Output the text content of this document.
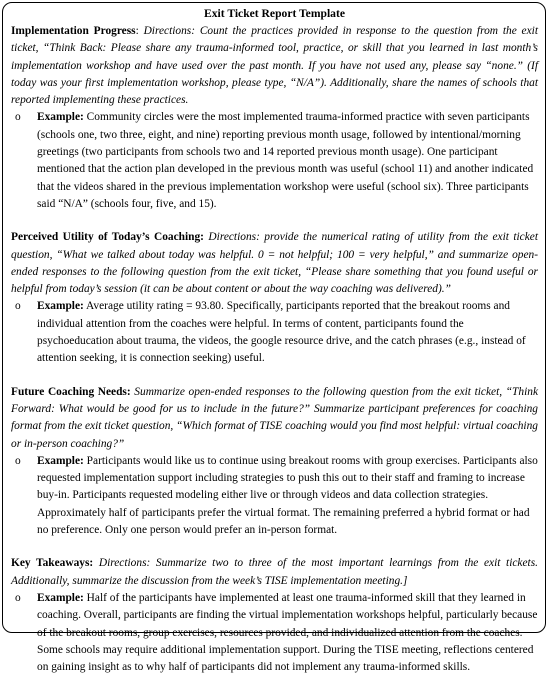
Exit Ticket Report Template
Implementation Progress: Directions: Count the practices provided in response to the question from the exit ticket, “Think Back: Please share any trauma-informed tool, practice, or skill that you learned in last month’s implementation workshop and have used over the past month. If you have not used any, please say “none.” (If today was your first implementation workshop, please type, “N/A”). Additionally, share the names of schools that reported implementing these practices.
o	Example: Community circles were the most implemented trauma-informed practice with seven participants (schools one, two three, eight, and nine) reporting previous month usage, followed by intentional/morning greetings (two participants from schools two and 14 reported previous month usage). One participant mentioned that the action plan developed in the previous month was useful (school 11) and another indicated that the videos shared in the previous implementation workshop were useful (school six). Three participants said “N/A” (schools four, five, and 15).
Perceived Utility of Today’s Coaching: Directions: provide the numerical rating of utility from the exit ticket question, “What we talked about today was helpful. 0 = not helpful; 100 = very helpful,” and summarize open-ended responses to the following question from the exit ticket, “Please share something that you found useful or helpful from today’s session (it can be about content or about the way coaching was delivered).”
o	Example: Average utility rating = 93.80. Specifically, participants reported that the breakout rooms and individual attention from the coaches were helpful. In terms of content, participants found the psychoeducation about trauma, the videos, the google resource drive, and the catch phrases (e.g., instead of attention seeking, it is connection seeking) useful.
Future Coaching Needs: Summarize open-ended responses to the following question from the exit ticket, “Think Forward: What would be good for us to include in the future?” Summarize participant preferences for coaching format from the exit ticket question, “Which format of TISE coaching would you find most helpful: virtual coaching or in-person coaching?”
o	Example: Participants would like us to continue using breakout rooms with group exercises. Participants also requested implementation support including strategies to push this out to their staff and framing to increase buy-in. Participants requested modeling either live or through videos and data collection strategies. Approximately half of participants prefer the virtual format. The remaining preferred a hybrid format or had no preference. Only one person would prefer an in-person format.
Key Takeaways: Directions: Summarize two to three of the most important learnings from the exit tickets. Additionally, summarize the discussion from the week’s TISE implementation meeting.]
o	Example: Half of the participants have implemented at least one trauma-informed skill that they learned in coaching. Overall, participants are finding the virtual implementation workshops helpful, particularly because of the breakout rooms, group exercises, resources provided, and individualized attention from the coaches. Some schools may require additional implementation support. During the TISE meeting, reflections centered on gaining insight as to why half of participants did not implement any trauma-informed skills.
